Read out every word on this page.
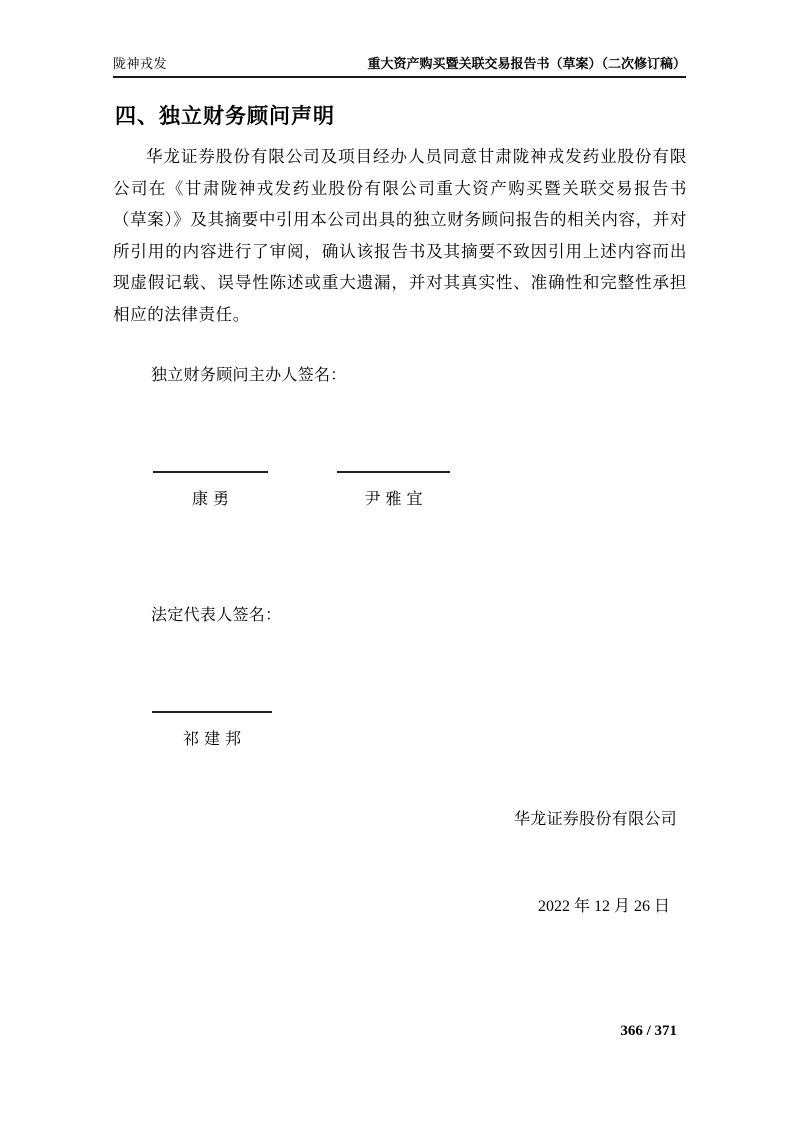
陇神戎发	重大资产购买暨关联交易报告书（草案）（二次修订稿）
四、独立财务顾问声明
华龙证券股份有限公司及项目经办人员同意甘肃陇神戎发药业股份有限公司在《甘肃陇神戎发药业股份有限公司重大资产购买暨关联交易报告书（草案）》及其摘要中引用本公司出具的独立财务顾问报告的相关内容，并对所引用的内容进行了审阅，确认该报告书及其摘要不致因引用上述内容而出现虚假记载、误导性陈述或重大遗漏，并对其真实性、准确性和完整性承担相应的法律责任。
独立财务顾问主办人签名：
康勇	尹雅宜
法定代表人签名：
祁建邦
华龙证券股份有限公司
2022 年 12 月 26 日
366 / 371
